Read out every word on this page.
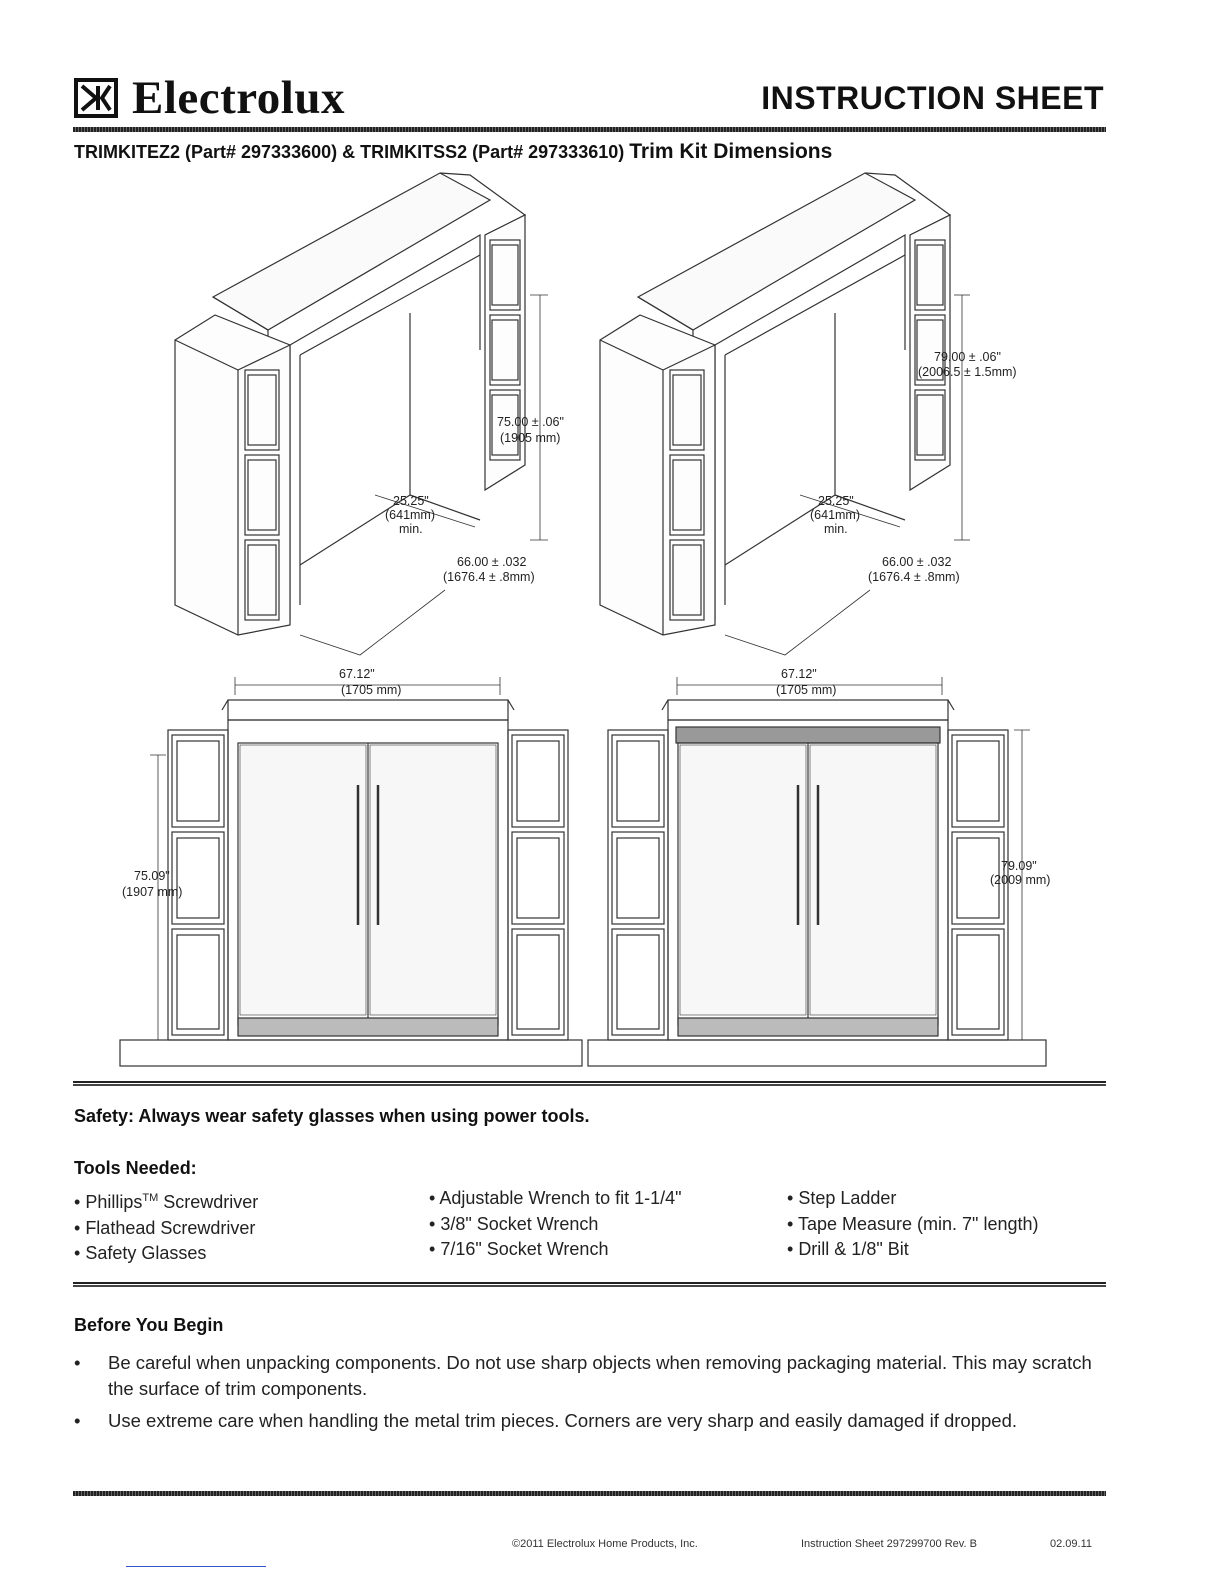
Electrolux	INSTRUCTION SHEET
TRIMKITEZ2 (Part# 297333600) & TRIMKITSS2 (Part# 297333610) Trim Kit Dimensions
75.00 ± .06"
(1905 mm)
25.25"
(641mm)
min.
66.00 ± .032
(1676.4 ± .8mm)
79.00 ± .06"
(2006.5 ± 1.5mm)
25.25"
(641mm)
min.
66.00 ± .032
(1676.4 ± .8mm)
67.12"
(1705 mm)
75.09"
(1907 mm)
67.12"
(1705 mm)
79.09"
(2009 mm)
Safety: Always wear safety glasses when using power tools.
Tools Needed:
• Phillips™ Screwdriver
• Flathead Screwdriver
• Safety Glasses
• Adjustable Wrench to fit 1-1/4"
• 3/8" Socket Wrench
• 7/16" Socket Wrench
• Step Ladder
• Tape Measure (min. 7" length)
• Drill & 1/8" Bit
Before You Begin
•	Be careful when unpacking components. Do not use sharp objects when removing packaging material. This may scratch the surface of trim components.
•	Use extreme care when handling the metal trim pieces. Corners are very sharp and easily damaged if dropped.
©2011 Electrolux Home Products, Inc.	Instruction Sheet 297299700 Rev. B	02.09.11
